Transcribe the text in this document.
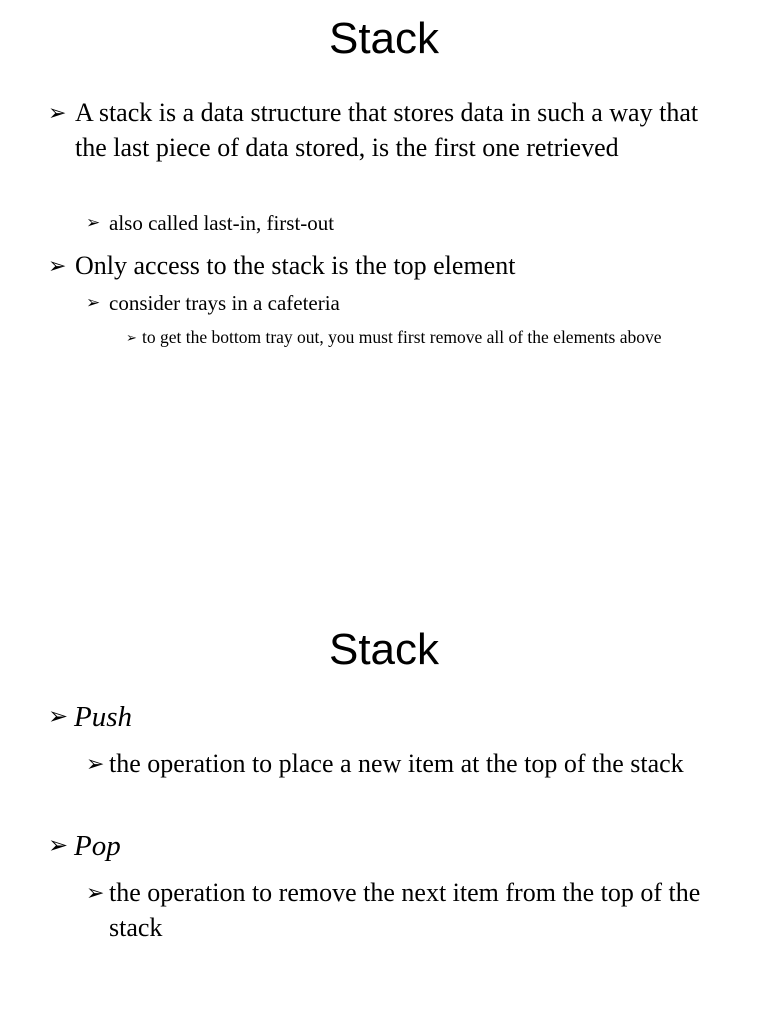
Stack
➢ A stack is a data structure that stores data in such a way that the last piece of data stored, is the first one retrieved
➢ also called last-in, first-out
➢ Only access to the stack is the top element
➢ consider trays in a cafeteria
➢ to get the bottom tray out, you must first remove all of the elements above
Stack
➢ Push
➢ the operation to place a new item at the top of the stack
➢ Pop
➢ the operation to remove the next item from the top of the stack
